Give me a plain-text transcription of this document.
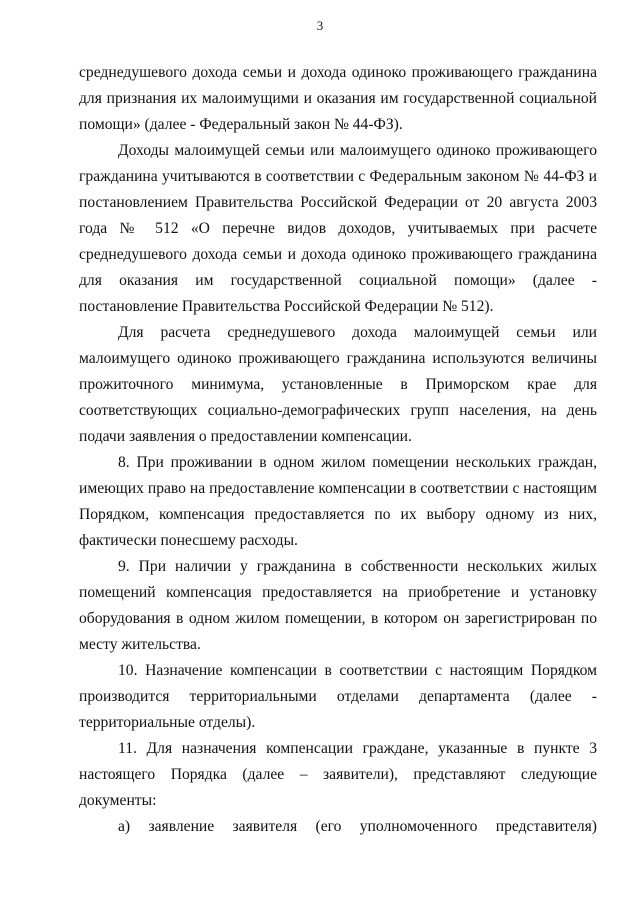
3

среднедушевого дохода семьи и дохода одиноко проживающего гражданина для признания их малоимущими и оказания им государственной социальной помощи» (далее - Федеральный закон № 44-ФЗ).

Доходы малоимущей семьи или малоимущего одиноко проживающего гражданина учитываются в соответствии с Федеральным законом № 44-ФЗ и постановлением Правительства Российской Федерации от 20 августа 2003 года № 512 «О перечне видов доходов, учитываемых при расчете среднедушевого дохода семьи и дохода одиноко проживающего гражданина для оказания им государственной социальной помощи» (далее - постановление Правительства Российской Федерации № 512).

Для расчета среднедушевого дохода малоимущей семьи или малоимущего одиноко проживающего гражданина используются величины прожиточного минимума, установленные в Приморском крае для соответствующих социально-демографических групп населения, на день подачи заявления о предоставлении компенсации.

8. При проживании в одном жилом помещении нескольких граждан, имеющих право на предоставление компенсации в соответствии с настоящим Порядком, компенсация предоставляется по их выбору одному из них, фактически понесшему расходы.

9. При наличии у гражданина в собственности нескольких жилых помещений компенсация предоставляется на приобретение и установку оборудования в одном жилом помещении, в котором он зарегистрирован по месту жительства.

10. Назначение компенсации в соответствии с настоящим Порядком производится территориальными отделами департамента (далее - территориальные отделы).

11. Для назначения компенсации граждане, указанные в пункте 3 настоящего Порядка (далее – заявители), представляют следующие документы:

а) заявление заявителя (его уполномоченного представителя)
